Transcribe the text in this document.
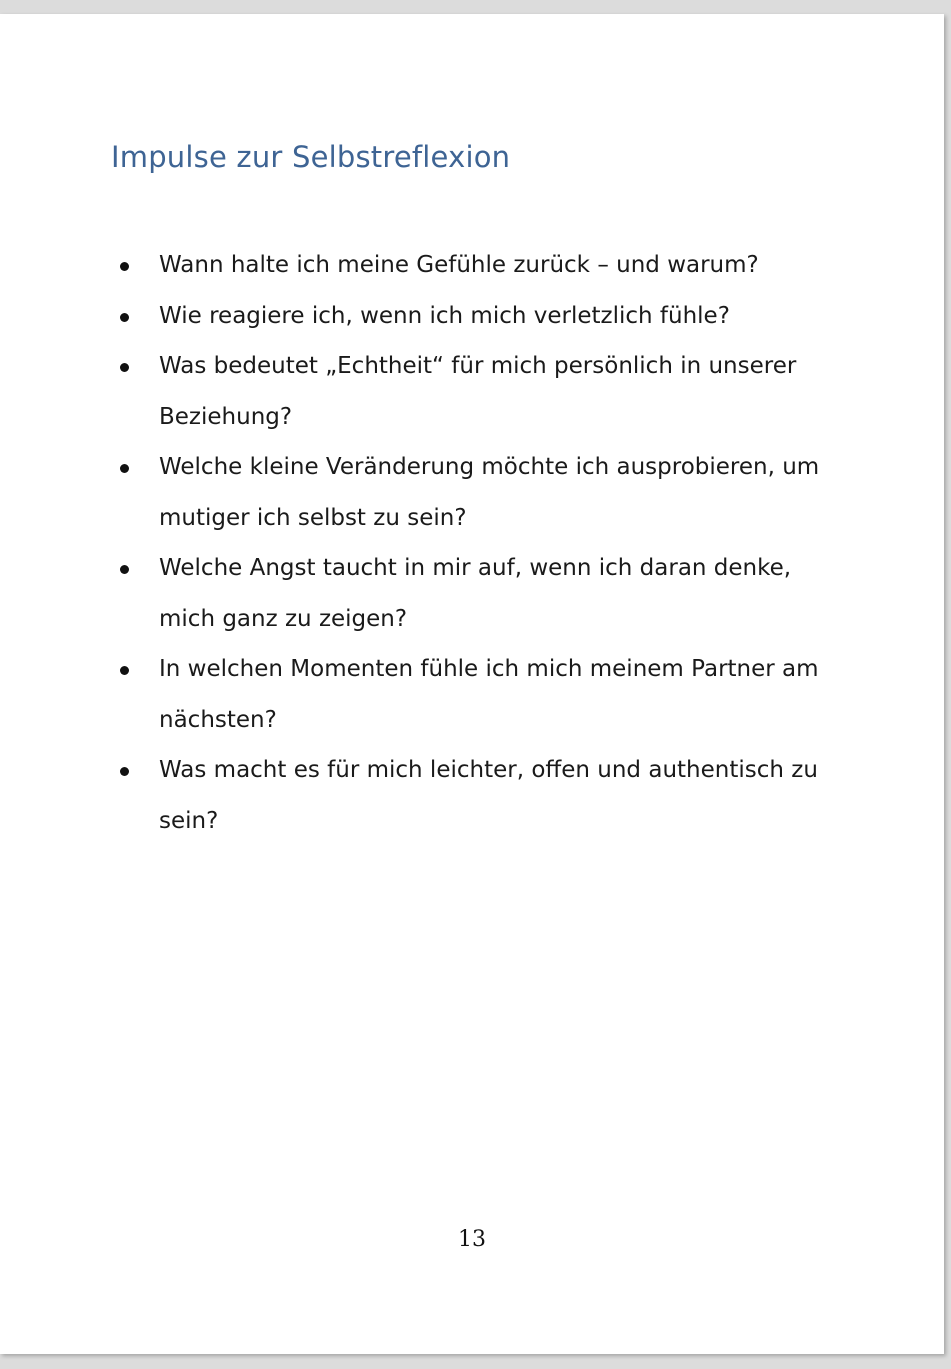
Impulse zur Selbstreflexion
Wann halte ich meine Gefühle zurück – und warum?
Wie reagiere ich, wenn ich mich verletzlich fühle?
Was bedeutet „Echtheit“ für mich persönlich in unserer Beziehung?
Welche kleine Veränderung möchte ich ausprobieren, um mutiger ich selbst zu sein?
Welche Angst taucht in mir auf, wenn ich daran denke, mich ganz zu zeigen?
In welchen Momenten fühle ich mich meinem Partner am nächsten?
Was macht es für mich leichter, offen und authentisch zu sein?
13
